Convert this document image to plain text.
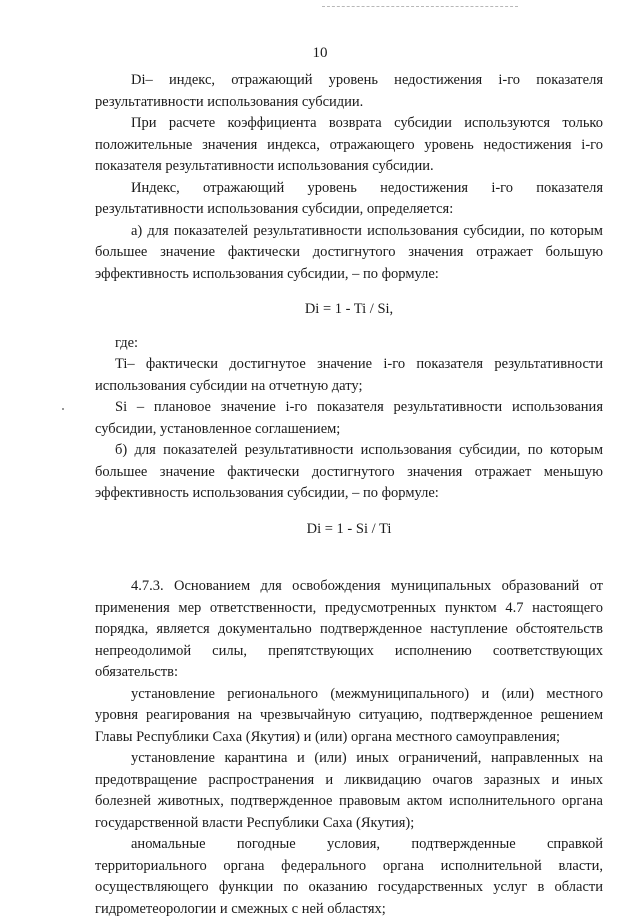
10

Di– индекс, отражающий уровень недостижения i-го показателя результативности использования субсидии.

При расчете коэффициента возврата субсидии используются только положительные значения индекса, отражающего уровень недостижения i-го показателя результативности использования субсидии.

Индекс, отражающий уровень недостижения i-го показателя результативности использования субсидии, определяется:

а) для показателей результативности использования субсидии, по которым большее значение фактически достигнутого значения отражает большую эффективность использования субсидии, – по формуле:

Di = 1 - Ti / Si,

где:

Ti– фактически достигнутое значение i-го показателя результативности использования субсидии на отчетную дату;

Si – плановое значение i-го показателя результативности использования субсидии, установленное соглашением;

б) для показателей результативности использования субсидии, по которым большее значение фактически достигнутого значения отражает меньшую эффективность использования субсидии, – по формуле:

Di = 1 - Si / Ti

4.7.3. Основанием для освобождения муниципальных образований от применения мер ответственности, предусмотренных пунктом 4.7 настоящего порядка, является документально подтвержденное наступление обстоятельств непреодолимой силы, препятствующих исполнению соответствующих обязательств:

установление регионального (межмуниципального) и (или) местного уровня реагирования на чрезвычайную ситуацию, подтвержденное решением Главы Республики Саха (Якутия) и (или) органа местного самоуправления;

установление карантина и (или) иных ограничений, направленных на предотвращение распространения и ликвидацию очагов заразных и иных болезней животных, подтвержденное правовым актом исполнительного органа государственной власти Республики Саха (Якутия);

аномальные погодные условия, подтвержденные справкой территориального органа федерального органа исполнительной власти, осуществляющего функции по оказанию государственных услуг в области гидрометеорологии и смежных с ней областях;
